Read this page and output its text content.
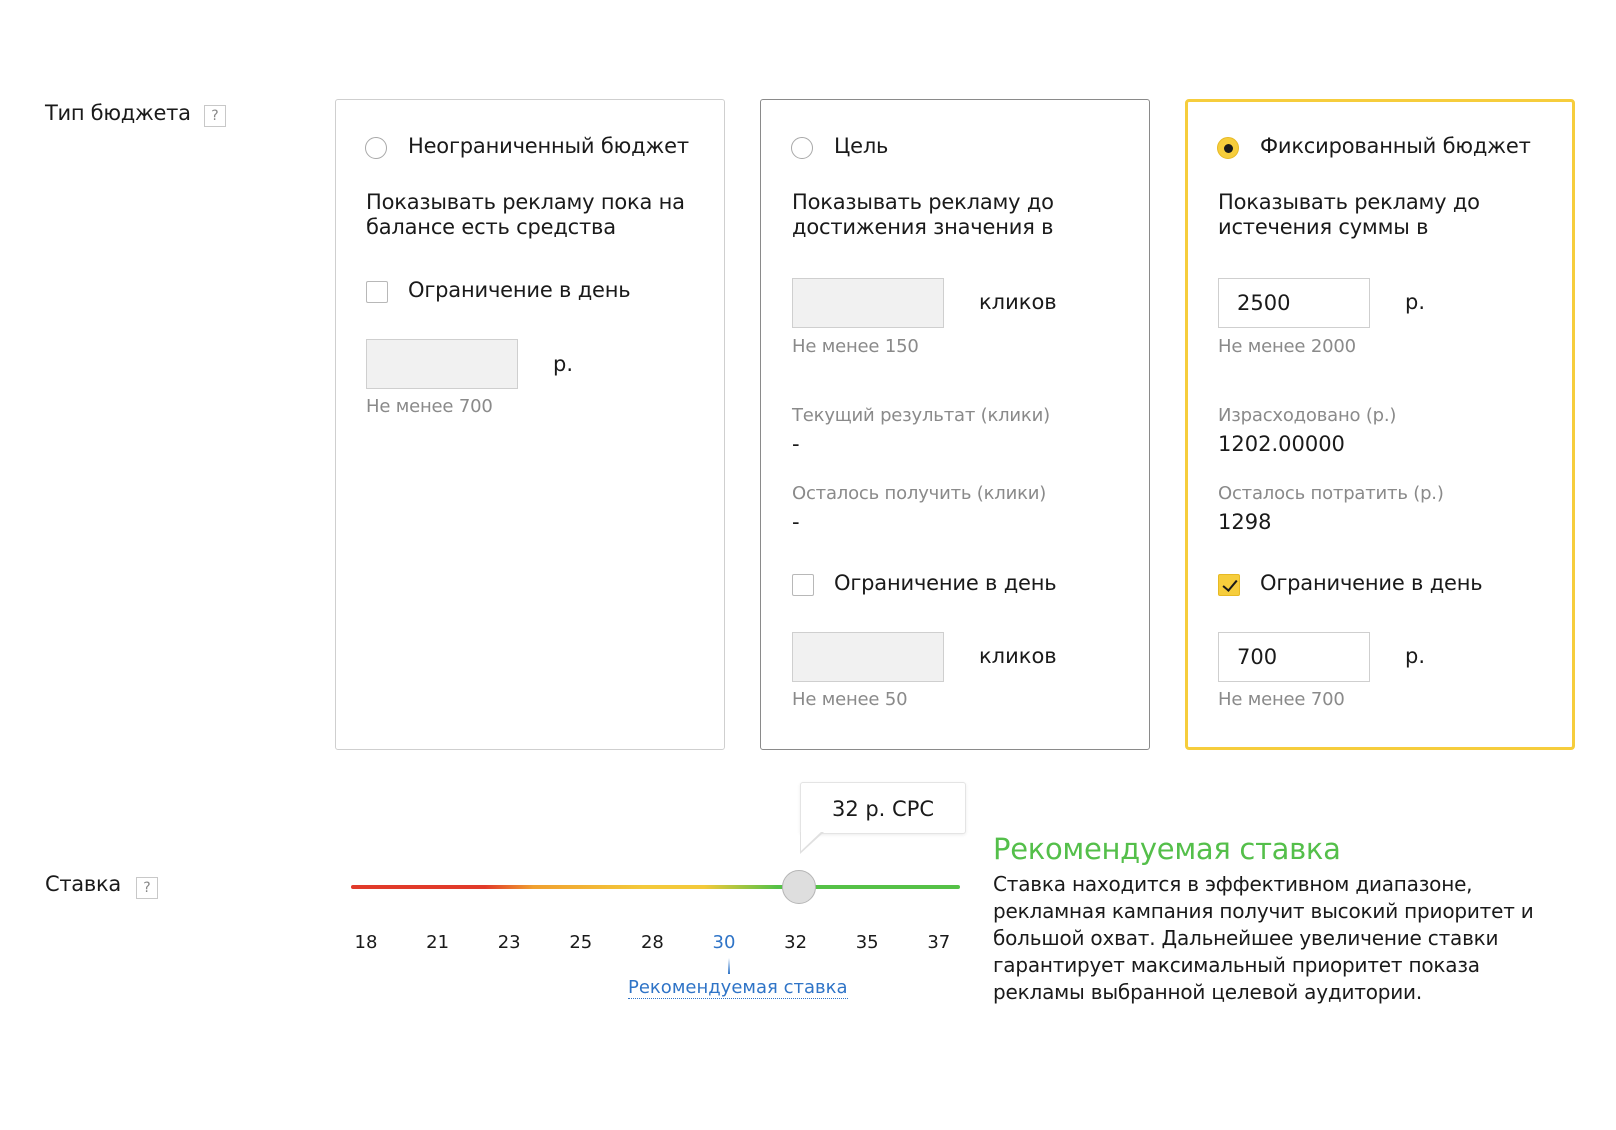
Тип бюджета	?
Неограниченный бюджет
Показывать рекламу пока на балансе есть средства
Ограничение в день
р.
Не менее 700
Цель
Показывать рекламу до достижения значения в
кликов
Не менее 150
Текущий результат (клики)
-
Осталось получить (клики)
-
Ограничение в день
кликов
Не менее 50
Фиксированный бюджет
Показывать рекламу до истечения суммы в
2500
р.
Не менее 2000
Израсходовано (р.)
1202.00000
Осталось потратить (р.)
1298
Ограничение в день
700
р.
Не менее 700
Ставка	?
32 р. CPC
18	21	23	25	28	30	32	35	37
Рекомендуемая ставка
Рекомендуемая ставка
Ставка находится в эффективном диапазоне, рекламная кампания получит высокий приоритет и большой охват. Дальнейшее увеличение ставки гарантирует максимальный приоритет показа рекламы выбранной целевой аудитории.
